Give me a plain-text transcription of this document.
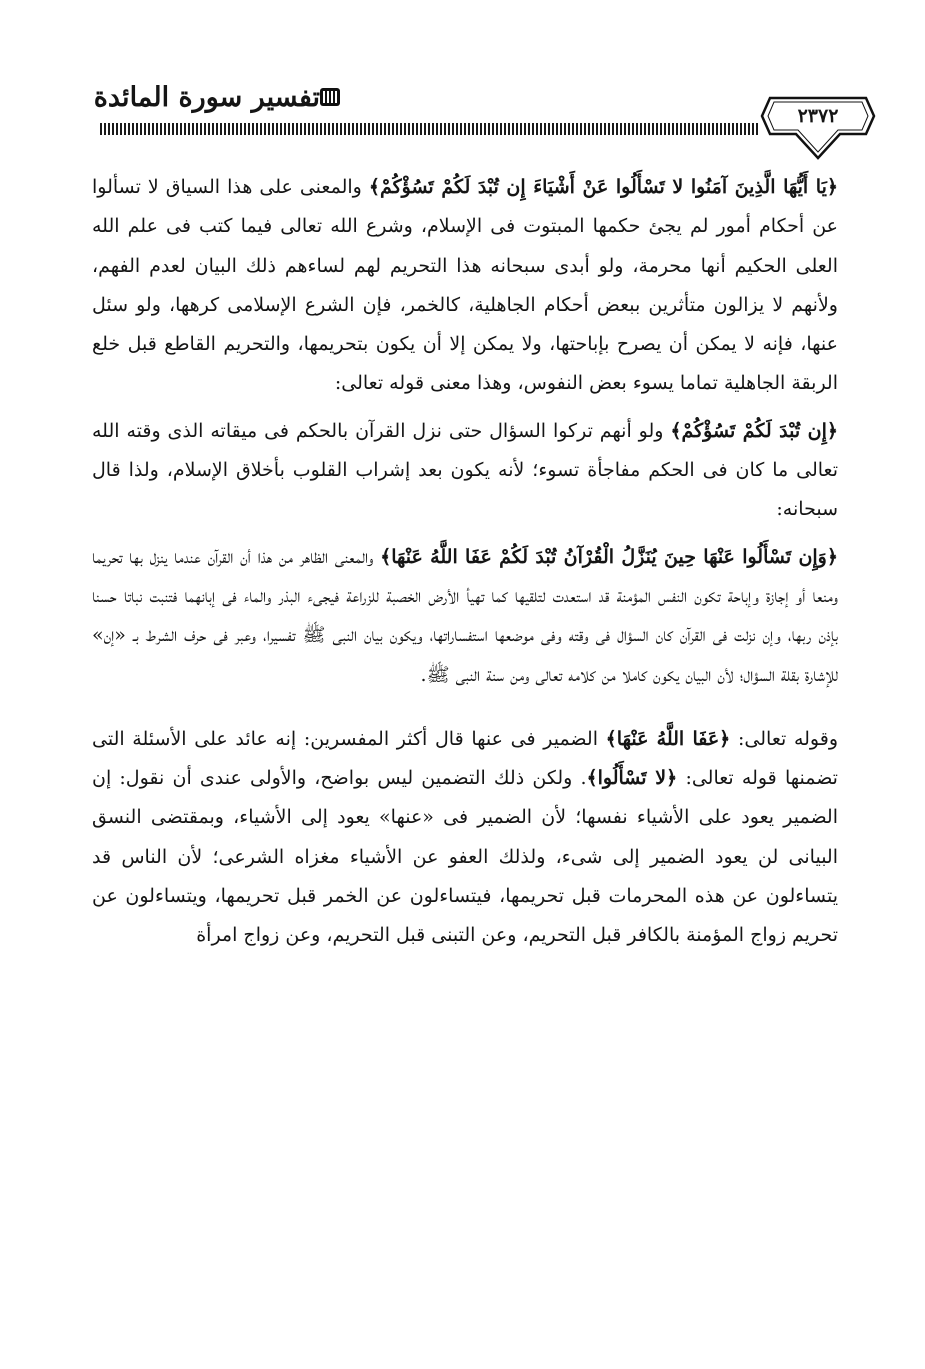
تفسير سورة المائدة
٢٣٧٢

﴿يَا أَيُّهَا الَّذِينَ آمَنُوا لا تَسْأَلُوا عَنْ أَشْيَاءَ إِن تُبْدَ لَكُمْ تَسُؤْكُمْ﴾ والمعنى على هذا السياق لا تسألوا عن أحكام أمور لم يجئ حكمها المبتوت فى الإسلام، وشرع الله تعالى فيما كتب فى علم الله العلى الحكيم أنها محرمة، ولو أبدى سبحانه هذا التحريم لهم لساءهم ذلك البيان لعدم الفهم، ولأنهم لا يزالون متأثرين ببعض أحكام الجاهلية، كالخمر، فإن الشرع الإسلامى كرهها، ولو سئل عنها، فإنه لا يمكن أن يصرح بإباحتها، ولا يمكن إلا أن يكون بتحريمها، والتحريم القاطع قبل خلع الربقة الجاهلية تماما يسوء بعض النفوس، وهذا معنى قوله تعالى:

﴿إِن تُبْدَ لَكُمْ تَسُؤْكُمْ﴾ ولو أنهم تركوا السؤال حتى نزل القرآن بالحكم فى ميقاته الذى وقته الله تعالى ما كان فى الحكم مفاجأة تسوء؛ لأنه يكون بعد إشراب القلوب بأخلاق الإسلام، ولذا قال سبحانه:

﴿وَإِن تَسْأَلُوا عَنْهَا حِينَ يُنَزَّلُ الْقُرْآنُ تُبْدَ لَكُمْ عَفَا اللَّهُ عَنْهَا﴾ والمعنى الظاهر من هذا أن القرآن عندما ينزل بها تحريما ومنعا أو إجازة وإباحة تكون النفس المؤمنة قد استعدت لتلقيها كما تهيأ الأرض الخصبة للزراعة فيجىء البذر والماء فى إبانهما فتنبت نباتا حسنا بإذن ربها، وإن نزلت فى القرآن كان السؤال فى وقته وفى موضعها استفساراتها، ويكون بيان النبى ﷺ تفسيرا، وعبر فى حرف الشرط بـ «إن» للإشارة بقلة السؤال؛ لأن البيان يكون كاملا من كلامه تعالى ومن سنة النبى ﷺ.

وقوله تعالى: ﴿عَفَا اللَّهُ عَنْهَا﴾ الضمير فى عنها قال أكثر المفسرين: إنه عائد على الأسئلة التى تضمنها قوله تعالى: ﴿لا تَسْأَلُوا﴾. ولكن ذلك التضمين ليس بواضح، والأولى عندى أن نقول: إن الضمير يعود على الأشياء نفسها؛ لأن الضمير فى «عنها» يعود إلى الأشياء، وبمقتضى النسق البيانى لن يعود الضمير إلى شىء، ولذلك العفو عن الأشياء مغزاه الشرعى؛ لأن الناس قد يتساءلون عن هذه المحرمات قبل تحريمها، فيتساءلون عن الخمر قبل تحريمها، ويتساءلون عن تحريم زواج المؤمنة بالكافر قبل التحريم، وعن التبنى قبل التحريم، وعن زواج امرأة
